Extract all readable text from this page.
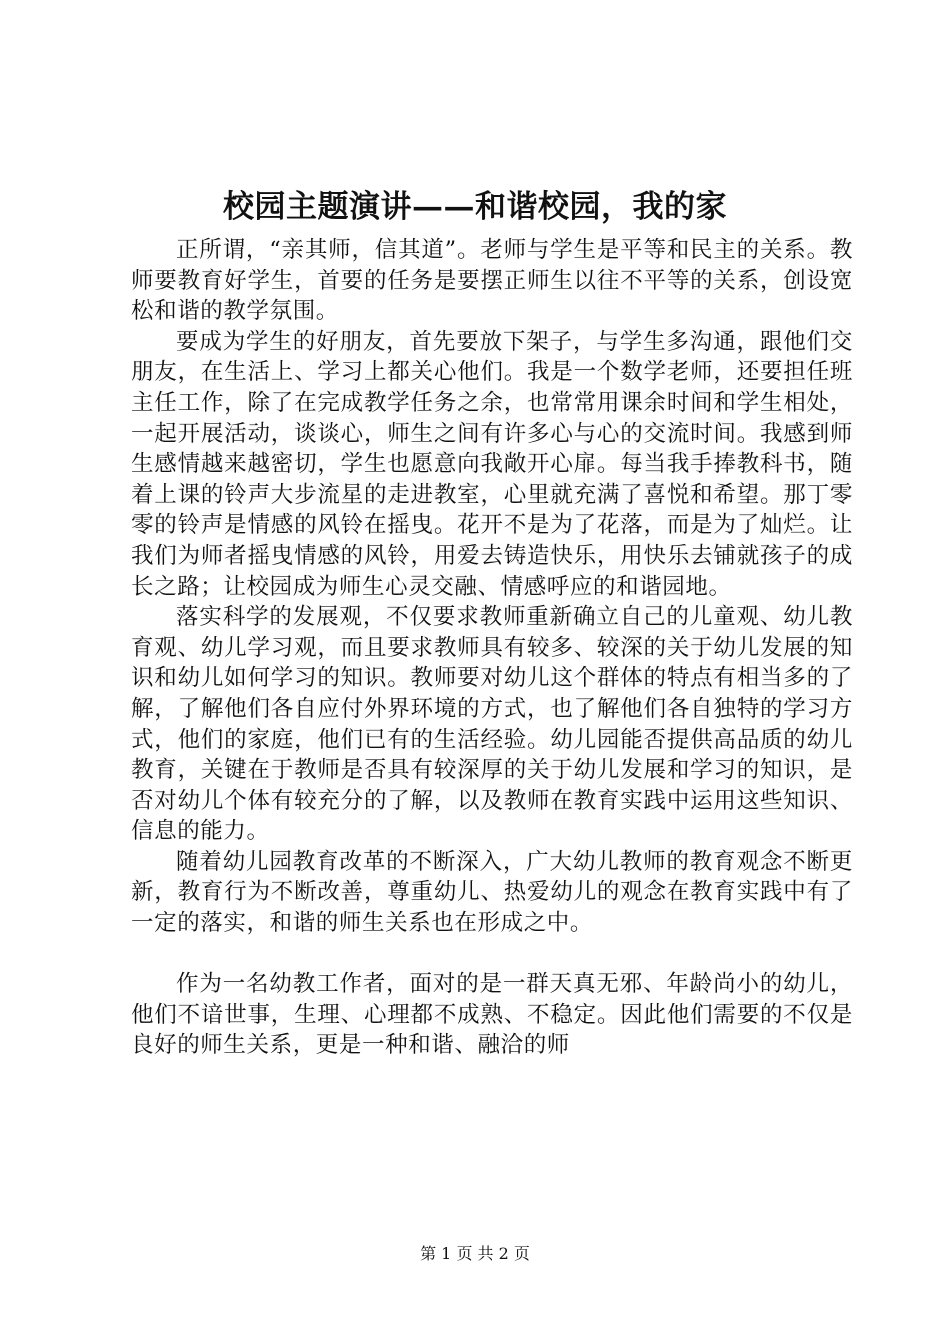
校园主题演讲——和谐校园，我的家

正所谓，“亲其师，信其道”。老师与学生是平等和民主的关系。教师要教育好学生，首要的任务是要摆正师生以往不平等的关系，创设宽松和谐的教学氛围。

要成为学生的好朋友，首先要放下架子，与学生多沟通，跟他们交朋友，在生活上、学习上都关心他们。我是一个数学老师，还要担任班主任工作，除了在完成教学任务之余，也常常用课余时间和学生相处，一起开展活动，谈谈心，师生之间有许多心与心的交流时间。我感到师生感情越来越密切，学生也愿意向我敞开心扉。每当我手捧教科书，随着上课的铃声大步流星的走进教室，心里就充满了喜悦和希望。那丁零零的铃声是情感的风铃在摇曳。花开不是为了花落，而是为了灿烂。让我们为师者摇曳情感的风铃，用爱去铸造快乐，用快乐去铺就孩子的成长之路；让校园成为师生心灵交融、情感呼应的和谐园地。

落实科学的发展观，不仅要求教师重新确立自己的儿童观、幼儿教育观、幼儿学习观，而且要求教师具有较多、较深的关于幼儿发展的知识和幼儿如何学习的知识。教师要对幼儿这个群体的特点有相当多的了解，了解他们各自应付外界环境的方式，也了解他们各自独特的学习方式，他们的家庭，他们已有的生活经验。幼儿园能否提供高品质的幼儿教育，关键在于教师是否具有较深厚的关于幼儿发展和学习的知识，是否对幼儿个体有较充分的了解，以及教师在教育实践中运用这些知识、信息的能力。

随着幼儿园教育改革的不断深入，广大幼儿教师的教育观念不断更新，教育行为不断改善，尊重幼儿、热爱幼儿的观念在教育实践中有了一定的落实，和谐的师生关系也在形成之中。

作为一名幼教工作者，面对的是一群天真无邪、年龄尚小的幼儿，他们不谙世事，生理、心理都不成熟、不稳定。因此他们需要的不仅是良好的师生关系，更是一种和谐、融洽的师

第 1 页 共 2 页
